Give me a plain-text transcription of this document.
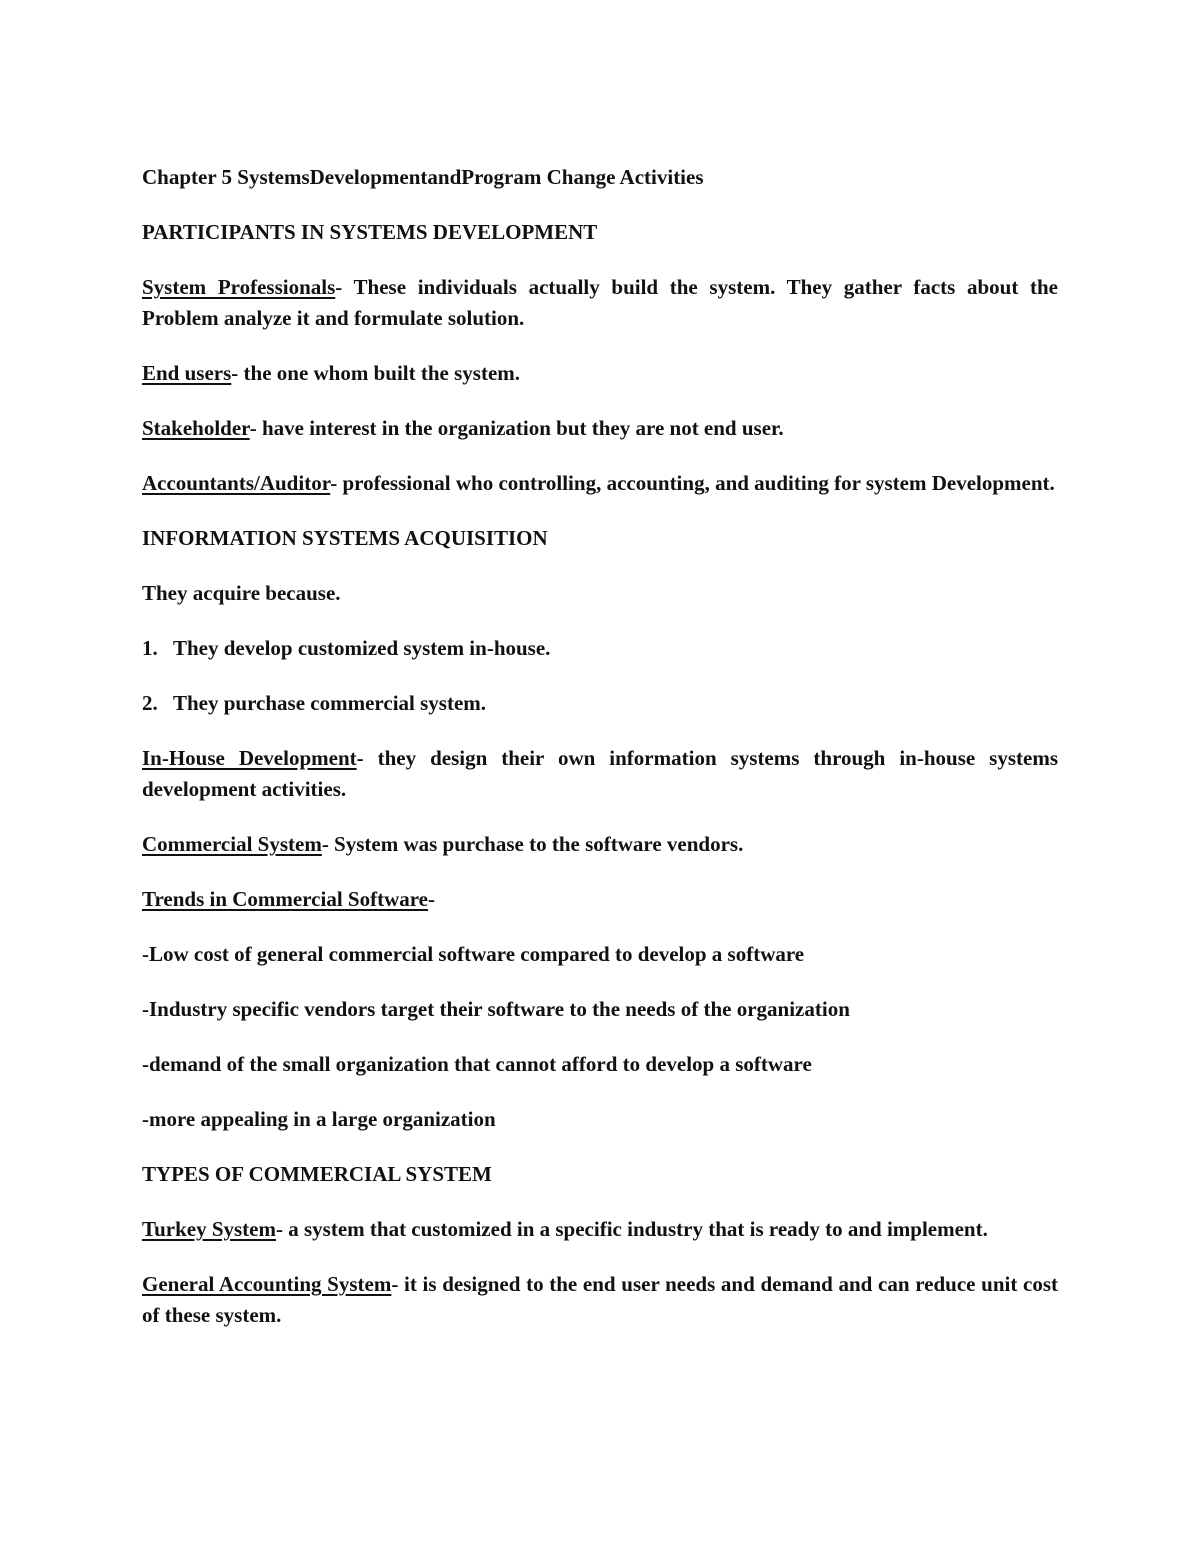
Chapter 5 SystemsDevelopmentandProgram Change Activities

PARTICIPANTS IN SYSTEMS DEVELOPMENT

System Professionals- These individuals actually build the system. They gather facts about the Problem analyze it and formulate solution.

End users- the one whom built the system.

Stakeholder- have interest in the organization but they are not end user.

Accountants/Auditor- professional who controlling, accounting, and auditing for system Development.

INFORMATION SYSTEMS ACQUISITION

They acquire because.

1. They develop customized system in-house.
2. They purchase commercial system.

In-House Development- they design their own information systems through in-house systems development activities.

Commercial System- System was purchase to the software vendors.

Trends in Commercial Software-

-Low cost of general commercial software compared to develop a software

-Industry specific vendors target their software to the needs of the organization

-demand of the small organization that cannot afford to develop a software

-more appealing in a large organization

TYPES OF COMMERCIAL SYSTEM

Turkey System- a system that customized in a specific industry that is ready to and implement.

General Accounting System- it is designed to the end user needs and demand and can reduce unit cost of these system.
